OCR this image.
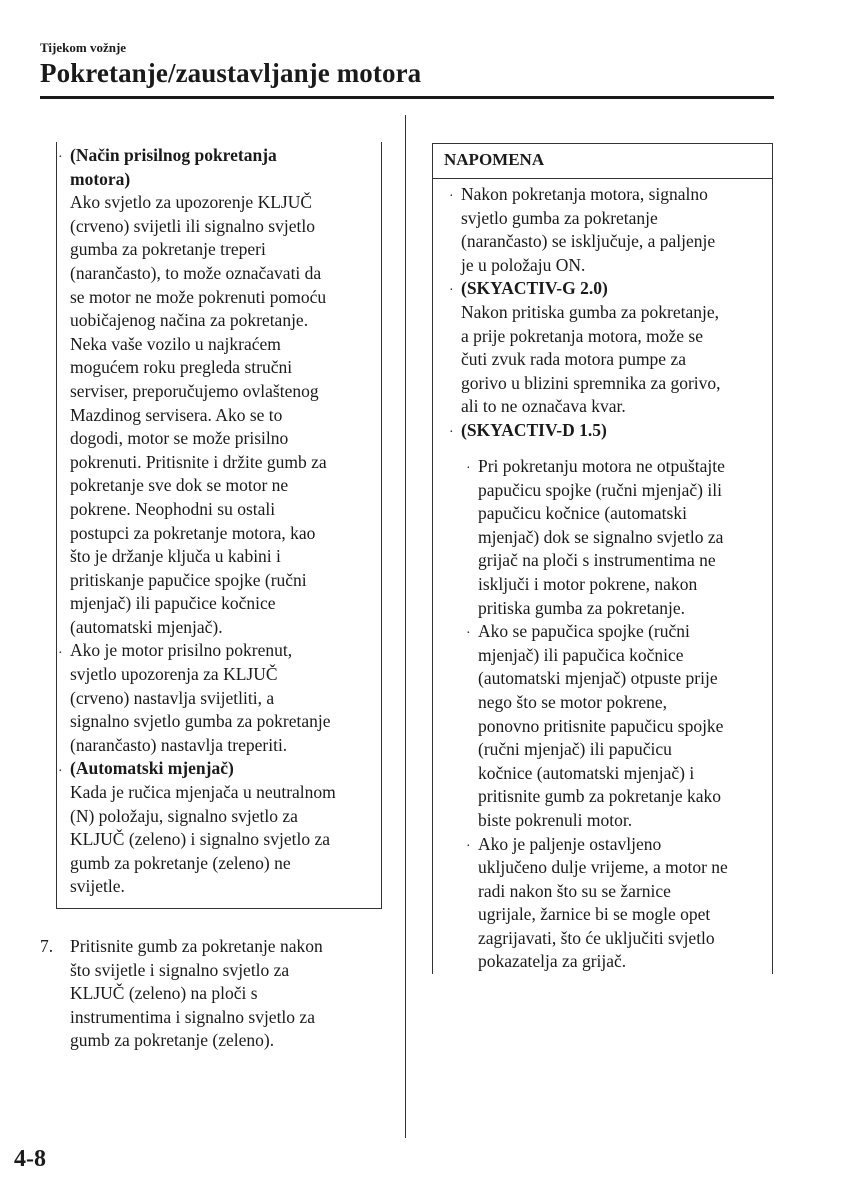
Tijekom vožnje
Pokretanje/zaustavljanje motora
· (Način prisilnog pokretanja
motora)
Ako svjetlo za upozorenje KLJUČ
(crveno) svijetli ili signalno svjetlo
gumba za pokretanje treperi
(narančasto), to može označavati da
se motor ne može pokrenuti pomoću
uobičajenog načina za pokretanje.
Neka vaše vozilo u najkraćem
mogućem roku pregleda stručni
serviser, preporučujemo ovlaštenog
Mazdinog servisera. Ako se to
dogodi, motor se može prisilno
pokrenuti. Pritisnite i držite gumb za
pokretanje sve dok se motor ne
pokrene. Neophodni su ostali
postupci za pokretanje motora, kao
što je držanje ključa u kabini i
pritiskanje papučice spojke (ručni
mjenjač) ili papučice kočnice
(automatski mjenjač).
· Ako je motor prisilno pokrenut,
svjetlo upozorenja za KLJUČ
(crveno) nastavlja svijetliti, a
signalno svjetlo gumba za pokretanje
(narančasto) nastavlja treperiti.
· (Automatski mjenjač)
Kada je ručica mjenjača u neutralnom
(N) položaju, signalno svjetlo za
KLJUČ (zeleno) i signalno svjetlo za
gumb za pokretanje (zeleno) ne
svijetle.
7. Pritisnite gumb za pokretanje nakon
što svijetle i signalno svjetlo za
KLJUČ (zeleno) na ploči s
instrumentima i signalno svjetlo za
gumb za pokretanje (zeleno).
NAPOMENA
· Nakon pokretanja motora, signalno
svjetlo gumba za pokretanje
(narančasto) se isključuje, a paljenje
je u položaju ON.
· (SKYACTIV-G 2.0)
Nakon pritiska gumba za pokretanje,
a prije pokretanja motora, može se
čuti zvuk rada motora pumpe za
gorivo u blizini spremnika za gorivo,
ali to ne označava kvar.
· (SKYACTIV-D 1.5)
· Pri pokretanju motora ne otpuštajte
papučicu spojke (ručni mjenjač) ili
papučicu kočnice (automatski
mjenjač) dok se signalno svjetlo za
grijač na ploči s instrumentima ne
isključi i motor pokrene, nakon
pritiska gumba za pokretanje.
· Ako se papučica spojke (ručni
mjenjač) ili papučica kočnice
(automatski mjenjač) otpuste prije
nego što se motor pokrene,
ponovno pritisnite papučicu spojke
(ručni mjenjač) ili papučicu
kočnice (automatski mjenjač) i
pritisnite gumb za pokretanje kako
biste pokrenuli motor.
· Ako je paljenje ostavljeno
uključeno dulje vrijeme, a motor ne
radi nakon što su se žarnice
ugrijale, žarnice bi se mogle opet
zagrijavati, što će uključiti svjetlo
pokazatelja za grijač.
4-8
